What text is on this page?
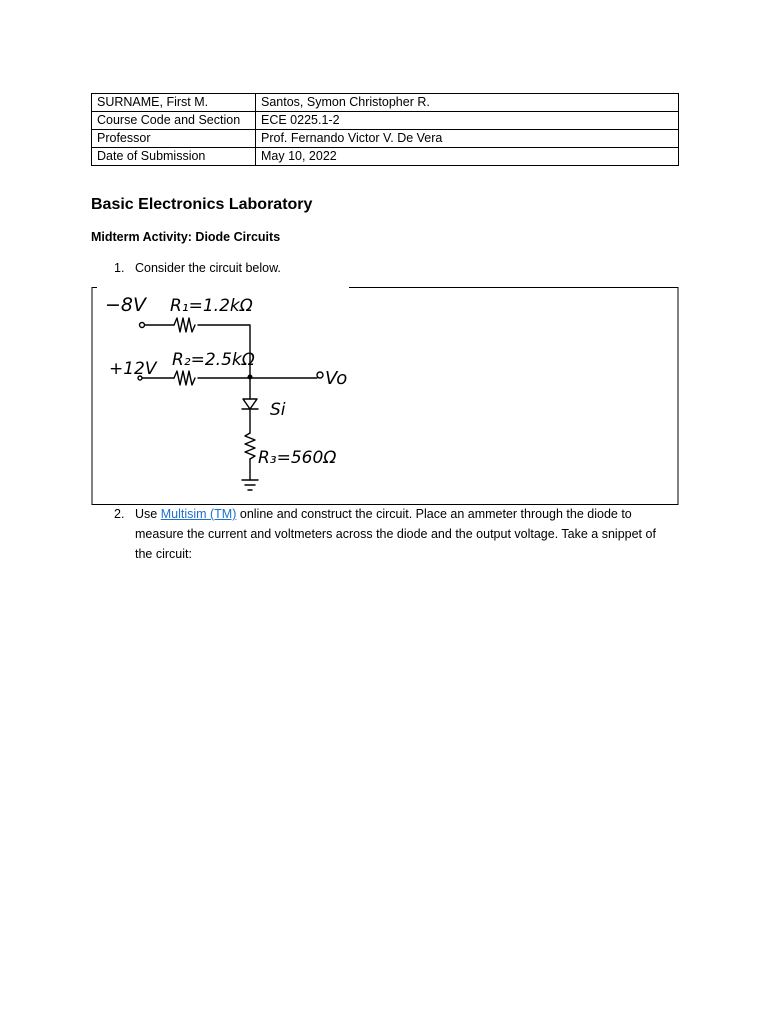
SURNAME, First M.	Santos, Symon Christopher R.
Course Code and Section	ECE 0225.1-2
Professor	Prof. Fernando Victor V. De Vera
Date of Submission	May 10, 2022
Basic Electronics Laboratory
Midterm Activity: Diode Circuits
1. Consider the circuit below.
−8V R₁=1.2kΩ
+12V R₂=2.5kΩ
Vo
Si
R₃=560Ω
2. Use Multisim (TM) online and construct the circuit. Place an ammeter through the diode to measure the current and voltmeters across the diode and the output voltage. Take a snippet of the circuit:
